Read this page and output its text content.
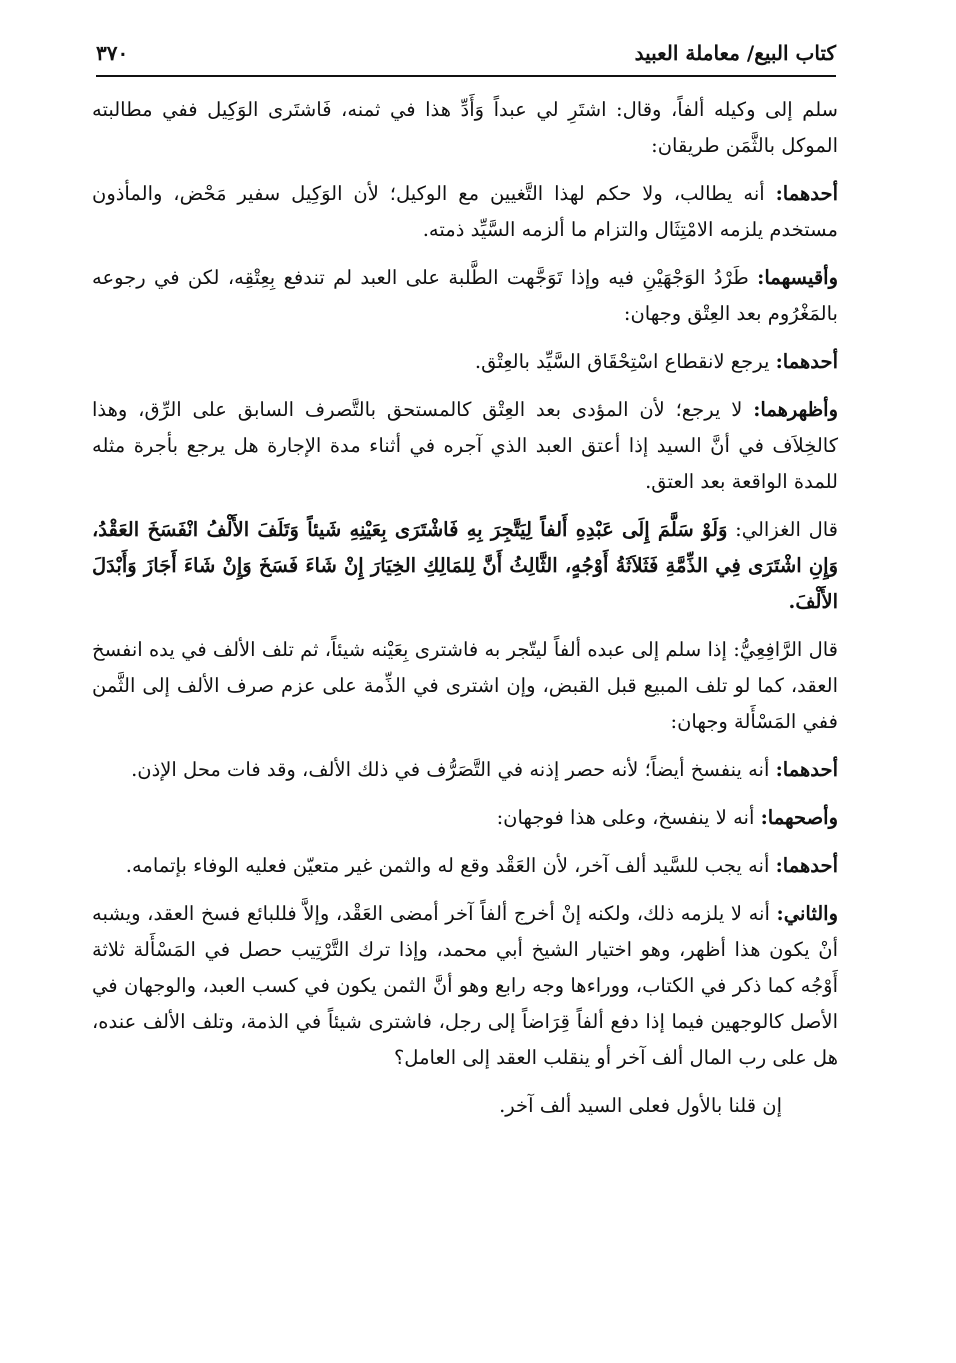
كتاب البيع/ معاملة العبيد
٣٧٠

سلم إلى وكيله ألفاً، وقال: اشتَرِ لي عبداً وَأَدِّ هذا في ثمنه، فَاشتَرى الوَكِيل ففي مطالبته الموكل بالثَّمَن طريقان:

أحدهما: أنه يطالب، ولا حكم لهذا التَّغيين مع الوكيل؛ لأن الوَكِيل سفير مَحْض، والمأذون مستخدم يلزمه الامْتِثَال والتزام ما ألزمه السَّيِّد ذمته.

وأقيسهما: طَرْدُ الوَجْهَيْنِ فيه وإذا تَوَجَّهت الطَّلبة على العبد لم تندفع بِعِتْقِه، لكن في رجوعه بالمَغْرُوم بعد العِتْق وجهان:

أحدهما: يرجع لانقطاع اسْتِحْقَاق السَّيِّد بالعِتْق.

وأظهرهما: لا يرجع؛ لأن المؤدى بعد العِتْق كالمستحق بالتَّصرف السابق على الرِّق، وهذا كالخِلاَف في أنَّ السيد إذا أعتق العبد الذي آجره في أثناء مدة الإجارة هل يرجع بأجرة مثله للمدة الواقعة بعد العتق.

قال الغزالي: وَلَوْ سَلَّمَ إِلَى عَبْدِهِ أَلفاً لِيَتَّجِرَ بِهِ فَاشْتَرَى بِعَيْنِهِ شَيئاً وَتَلَفَ الأَلْفُ انْفَسَخَ العَقْدُ، وَإِنِ اشْتَرَى فِي الذِّمَّةِ فَثَلاَثَةُ أَوْجُهٍ، الثَّالِثُ أَنَّ لِلمَالِكِ الخِيَارَ إِنْ شَاءَ فَسَخَ وَإِنْ شَاءَ أَجَازَ وَأَبْدَلَ الأَلْفَ.

قال الرَّافِعِيُّ: إذا سلم إلى عبده ألفاً ليتّجر به فاشترى بِعَيْنه شيئاً، ثم تلف الألف في يده انفسخ العقد، كما لو تلف المبيع قبل القبض، وإن اشترى في الذِّمة على عزم صرف الألف إلى الثَّمن ففي المَسْأَلة وجهان:

أحدهما: أنه ينفسخ أيضاً؛ لأنه حصر إذنه في التَّصَرُّف في ذلك الألف، وقد فات محل الإذن.

وأصحهما: أنه لا ينفسخ، وعلى هذا فوجهان:

أحدهما: أنه يجب للسَّيد ألف آخر، لأن العَقْد وقع له والثمن غير متعيّن فعليه الوفاء بإتمامه.

والثاني: أنه لا يلزمه ذلك، ولكنه إنْ أخرج ألفاً آخر أمضى العَقْد، وإلاَّ فللبائع فسخ العقد، ويشبه أنْ يكون هذا أظهر، وهو اختيار الشيخ أبي محمد، وإذا ترك التَّرْتِيب حصل في المَسْأَلة ثلاثة أَوْجُه كما ذكر في الكتاب، ووراءها وجه رابع وهو أنَّ الثمن يكون في كسب العبد، والوجهان في الأصل كالوجهين فيما إذا دفع ألفاً قِرَاضاً إلى رجل، فاشترى شيئاً في الذمة، وتلف الألف عنده، هل على رب المال ألف آخر أو ينقلب العقد إلى العامل؟

إن قلنا بالأول فعلى السيد ألف آخر.
